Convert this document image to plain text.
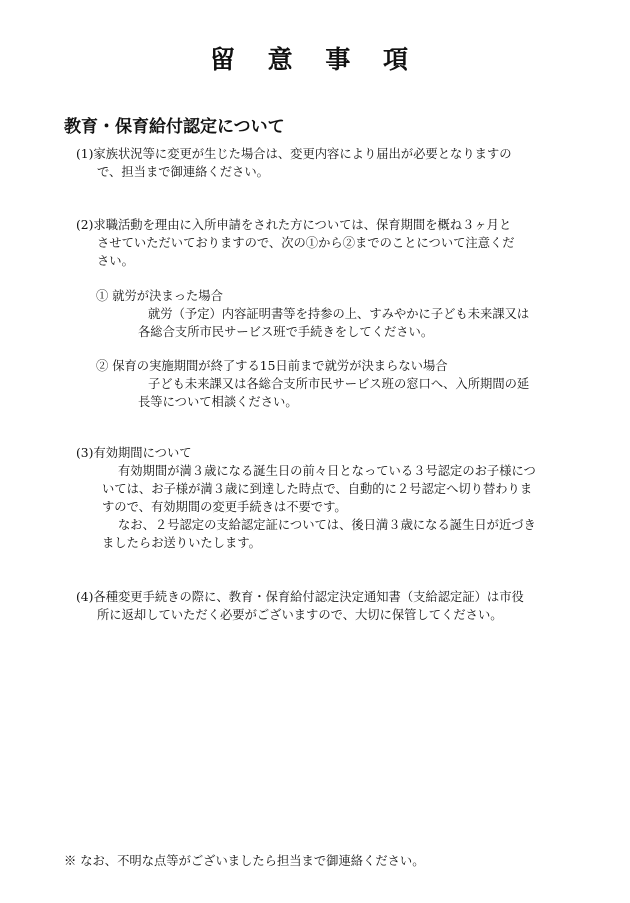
留 意 事 項
教育・保育給付認定について
(1)家族状況等に変更が生じた場合は、変更内容により届出が必要となりますの
で、担当まで御連絡ください。
(2)求職活動を理由に入所申請をされた方については、保育期間を概ね３ヶ月と
させていただいておりますので、次の①から②までのことについて注意くだ
さい。
① 就労が決まった場合
就労（予定）内容証明書等を持参の上、すみやかに子ども未来課又は
各総合支所市民サービス班で手続きをしてください。
② 保育の実施期間が終了する15日前まで就労が決まらない場合
子ども未来課又は各総合支所市民サービス班の窓口へ、入所期間の延
長等について相談ください。
(3)有効期間について
有効期間が満３歳になる誕生日の前々日となっている３号認定のお子様につ
いては、お子様が満３歳に到達した時点で、自動的に２号認定へ切り替わりま
すので、有効期間の変更手続きは不要です。
なお、２号認定の支給認定証については、後日満３歳になる誕生日が近づき
ましたらお送りいたします。
(4)各種変更手続きの際に、教育・保育給付認定決定通知書（支給認定証）は市役
所に返却していただく必要がございますので、大切に保管してください。
※ なお、不明な点等がございましたら担当まで御連絡ください。
